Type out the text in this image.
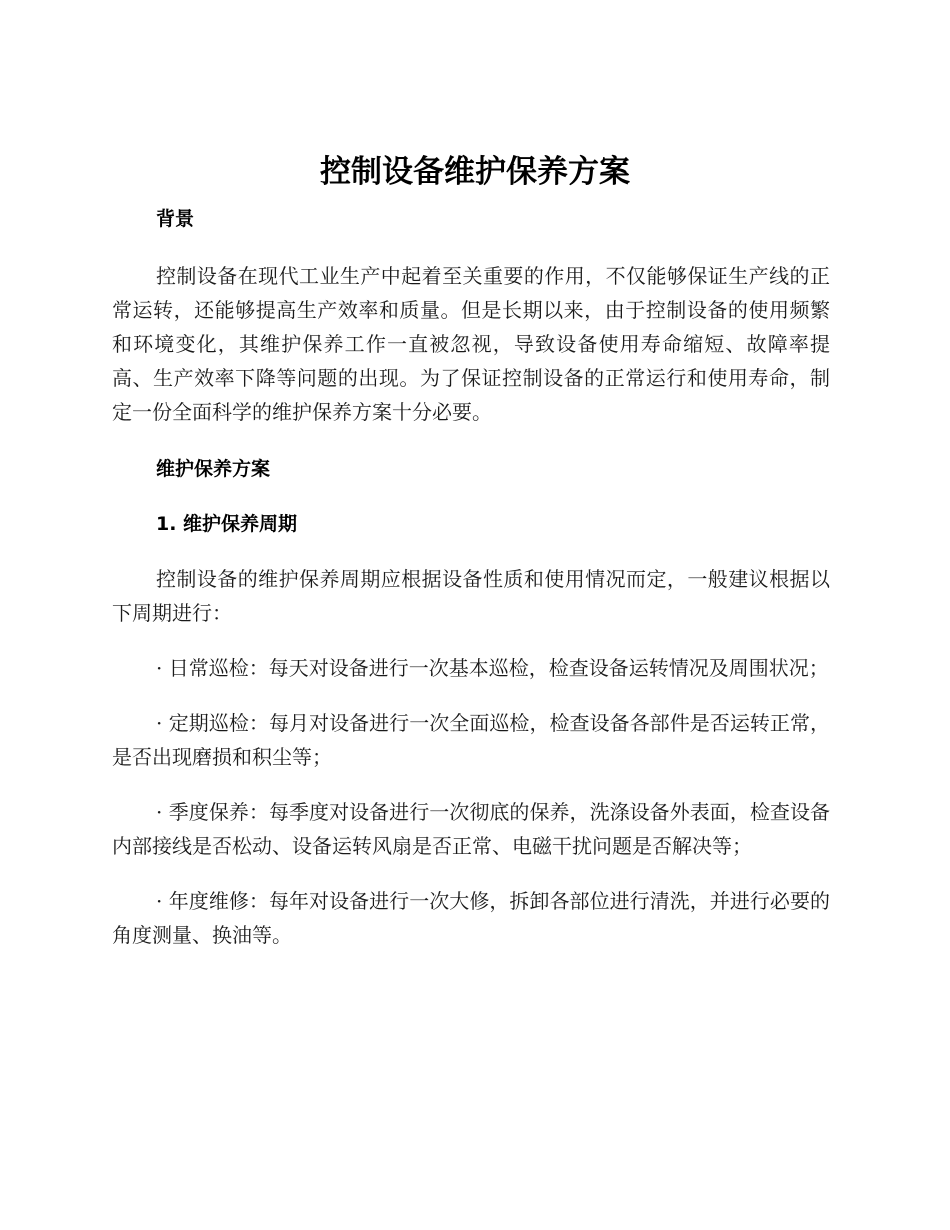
控制设备维护保养方案

背景

控制设备在现代工业生产中起着至关重要的作用，不仅能够保证生产线的正常运转，还能够提高生产效率和质量。但是长期以来，由于控制设备的使用频繁和环境变化，其维护保养工作一直被忽视，导致设备使用寿命缩短、故障率提高、生产效率下降等问题的出现。为了保证控制设备的正常运行和使用寿命，制定一份全面科学的维护保养方案十分必要。

维护保养方案

1. 维护保养周期

控制设备的维护保养周期应根据设备性质和使用情况而定，一般建议根据以下周期进行：

· 日常巡检：每天对设备进行一次基本巡检，检查设备运转情况及周围状况；

· 定期巡检：每月对设备进行一次全面巡检，检查设备各部件是否运转正常，是否出现磨损和积尘等；

· 季度保养：每季度对设备进行一次彻底的保养，洗涤设备外表面，检查设备内部接线是否松动、设备运转风扇是否正常、电磁干扰问题是否解决等；

· 年度维修：每年对设备进行一次大修，拆卸各部位进行清洗，并进行必要的角度测量、换油等。
